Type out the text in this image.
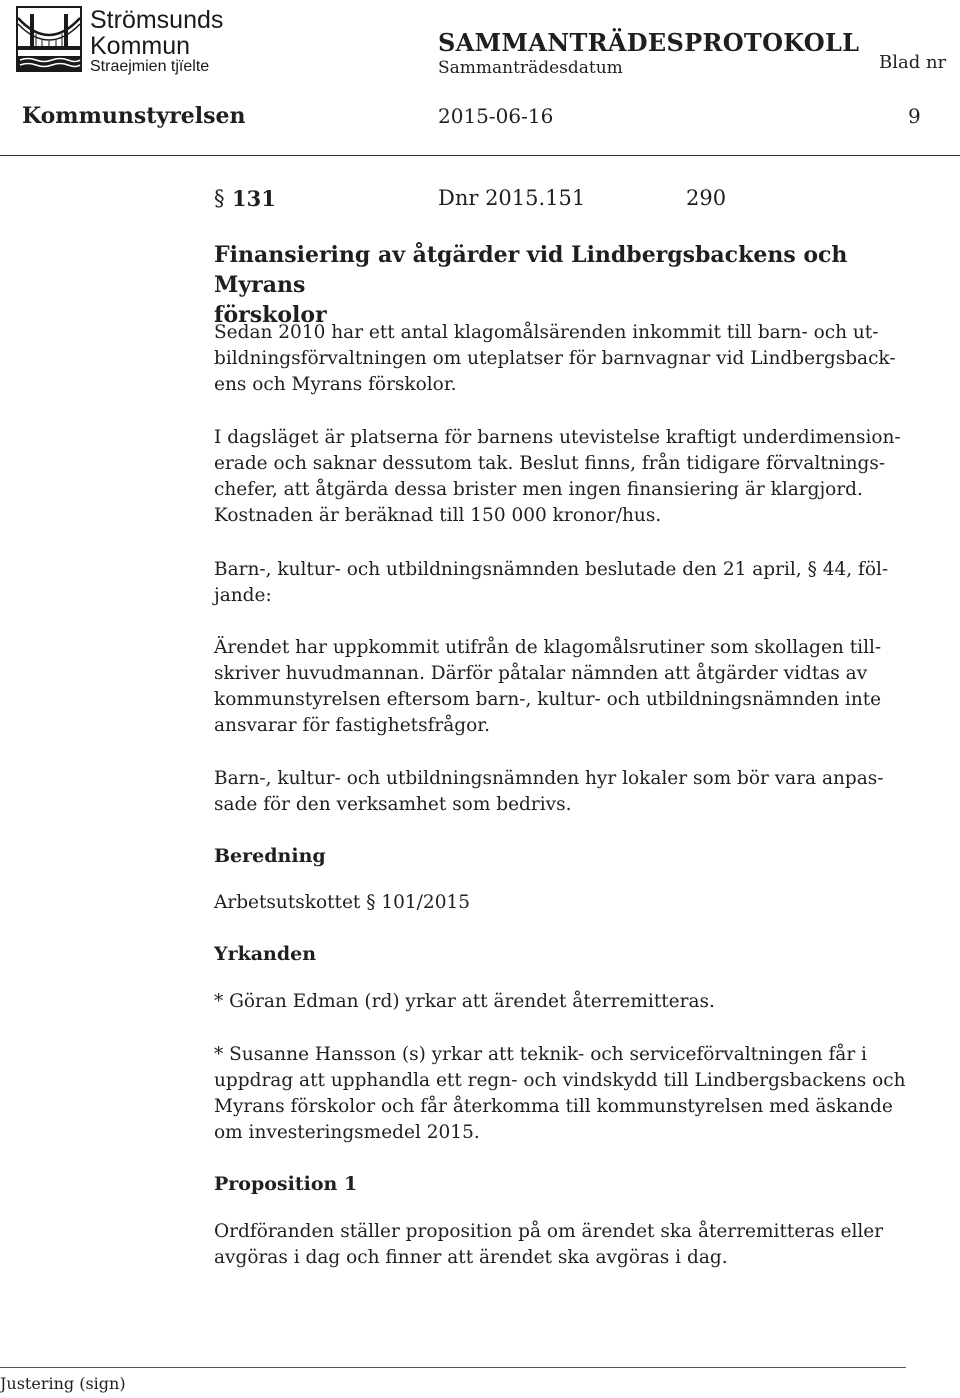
Strömsunds
Kommun
Straejmien tjïelte
SAMMANTRÄDESPROTOKOLL
Sammanträdesdatum	Blad nr
Kommunstyrelsen	2015-06-16	9
§ 131	Dnr 2015.151	290
Finansiering av åtgärder vid Lindbergsbackens och Myrans
förskolor

Sedan 2010 har ett antal klagomålsärenden inkommit till barn- och ut-
bildningsförvaltningen om uteplatser för barnvagnar vid Lindbergsback-
ens och Myrans förskolor.

I dagsläget är platserna för barnens utevistelse kraftigt underdimension-
erade och saknar dessutom tak. Beslut finns, från tidigare förvaltnings-
chefer, att åtgärda dessa brister men ingen finansiering är klargjord.
Kostnaden är beräknad till 150 000 kronor/hus.

Barn-, kultur- och utbildningsnämnden beslutade den 21 april, § 44, föl-
jande:

Ärendet har uppkommit utifrån de klagomålsrutiner som skollagen till-
skriver huvudmannan. Därför påtalar nämnden att åtgärder vidtas av
kommunstyrelsen eftersom barn-, kultur- och utbildningsnämnden inte
ansvarar för fastighetsfrågor.

Barn-, kultur- och utbildningsnämnden hyr lokaler som bör vara anpas-
sade för den verksamhet som bedrivs.

Beredning

Arbetsutskottet § 101/2015

Yrkanden

* Göran Edman (rd) yrkar att ärendet återremitteras.

* Susanne Hansson (s) yrkar att teknik- och serviceförvaltningen får i
uppdrag att upphandla ett regn- och vindskydd till Lindbergsbackens och
Myrans förskolor och får återkomma till kommunstyrelsen med äskande
om investeringsmedel 2015.

Proposition 1

Ordföranden ställer proposition på om ärendet ska återremitteras eller
avgöras i dag och finner att ärendet ska avgöras i dag.

Justering (sign)
